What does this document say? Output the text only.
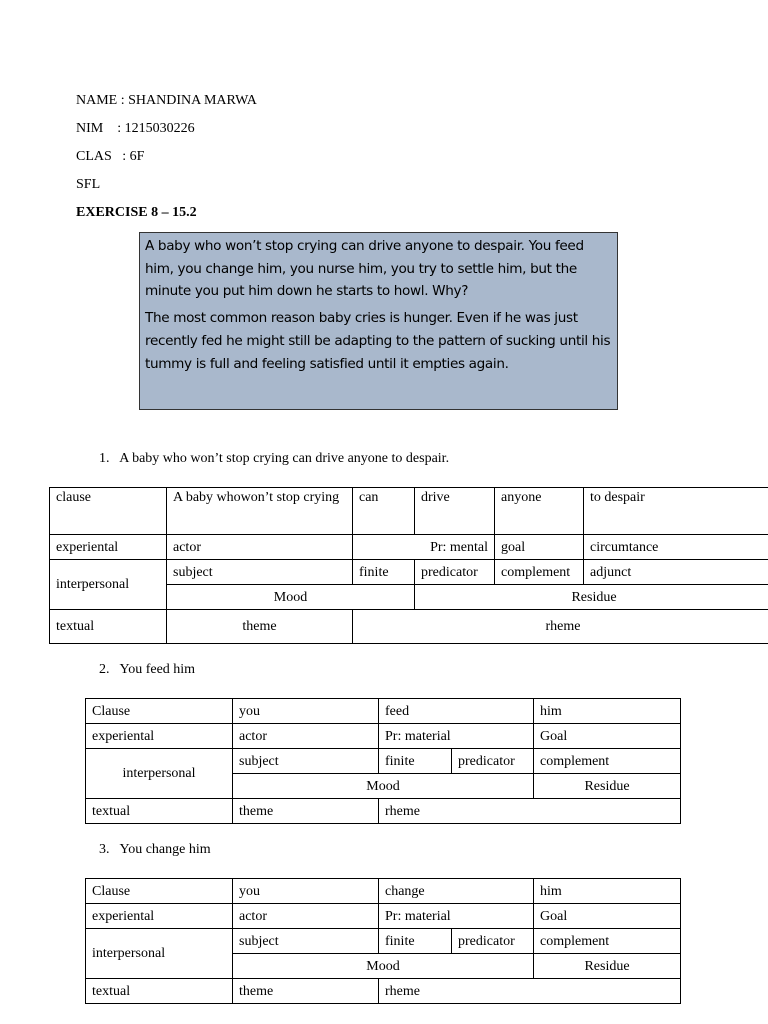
NAME : SHANDINA MARWA
NIM    : 1215030226
CLAS   : 6F
SFL
EXERCISE 8 – 15.2

A baby who won’t stop crying can drive anyone to despair. You feed him, you change him, you nurse him, you try to settle him, but the minute you put him down he starts to howl. Why?

The most common reason baby cries is hunger. Even if he was just recently fed he might still be adapting to the pattern of sucking until his tummy is full and feeling satisfied until it empties again.

1.   A baby who won’t stop crying can drive anyone to despair.
clause	A baby whowon’t stop crying	can	drive	anyone	to despair
experiental	actor	Pr: mental		goal	circumtance
interpersonal	subject	finite	predicator	complement	adjunct
	Mood		Residue		
textual	theme	rheme			
2.   You feed him
Clause	you	feed		him
experiental	actor	Pr: material		Goal
interpersonal	subject	finite	predicator	complement
	Mood			Residue
textual	theme	rheme		
3.   You change him
Clause	you	change		him
experiental	actor	Pr: material		Goal
interpersonal	subject	finite	predicator	complement
	Mood			Residue
textual	theme	rheme		
